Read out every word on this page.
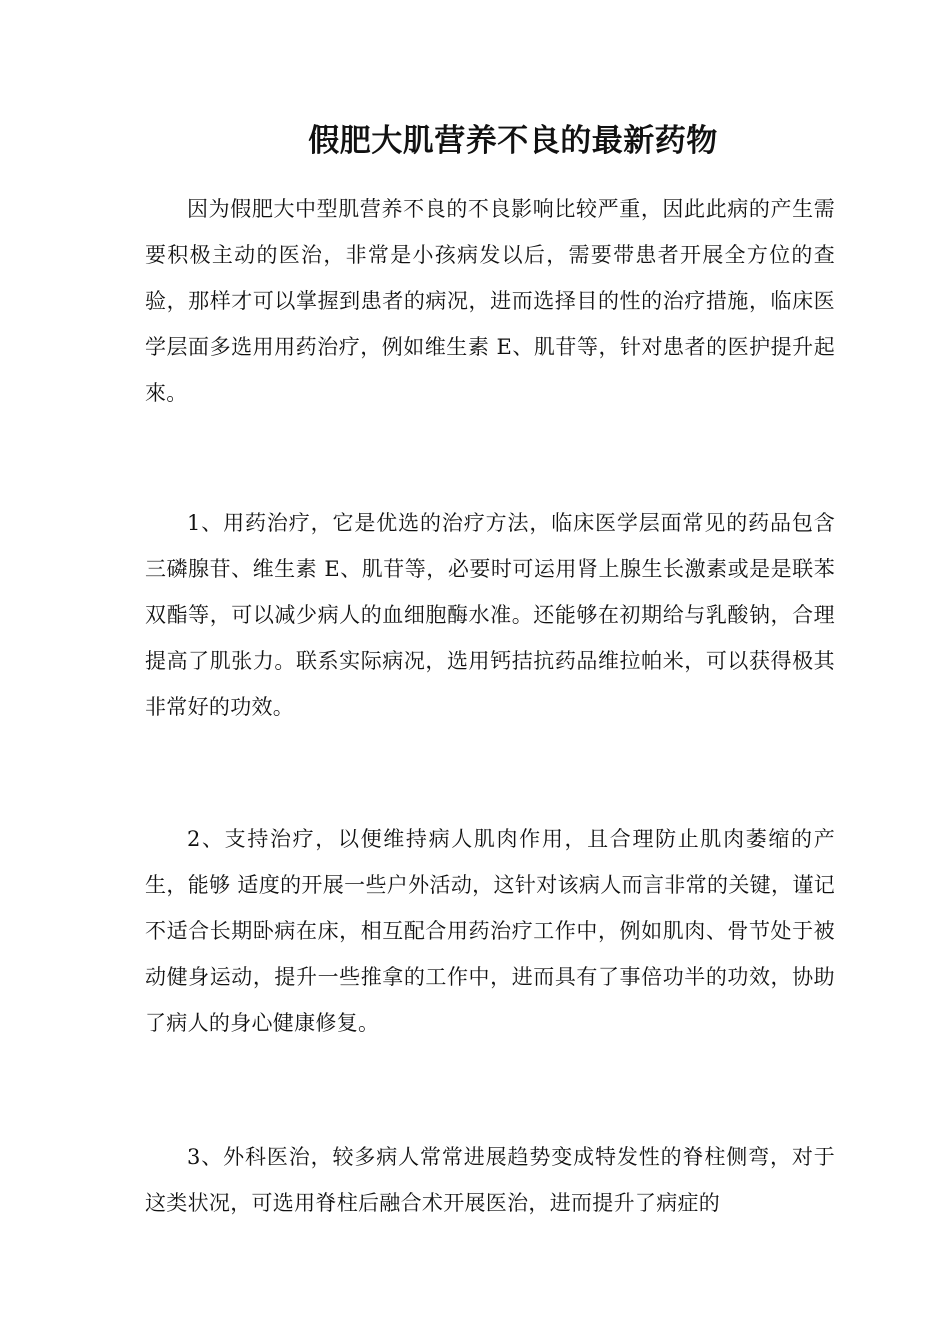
假肥大肌营养不良的最新药物

因为假肥大中型肌营养不良的不良影响比较严重，因此此病的产生需要积极主动的医治，非常是小孩病发以后，需要带患者开展全方位的查验，那样才可以掌握到患者的病况，进而选择目的性的治疗措施，临床医学层面多选用用药治疗，例如维生素 E、肌苷等，针对患者的医护提升起來。

1、用药治疗，它是优选的治疗方法，临床医学层面常见的药品包含三磷腺苷、维生素 E、肌苷等，必要时可运用肾上腺生长激素或是是联苯双酯等，可以减少病人的血细胞酶水准。还能够在初期给与乳酸钠，合理提高了肌张力。联系实际病况，选用钙拮抗药品维拉帕米，可以获得极其非常好的功效。

2、支持治疗，以便维持病人肌肉作用，且合理防止肌肉萎缩的产生，能够 适度的开展一些户外活动，这针对该病人而言非常的关键，谨记不适合长期卧病在床，相互配合用药治疗工作中，例如肌肉、骨节处于被动健身运动，提升一些推拿的工作中，进而具有了事倍功半的功效，协助了病人的身心健康修复。

3、外科医治，较多病人常常进展趋势变成特发性的脊柱侧弯，对于这类状况，可选用脊柱后融合术开展医治，进而提升了病症的
